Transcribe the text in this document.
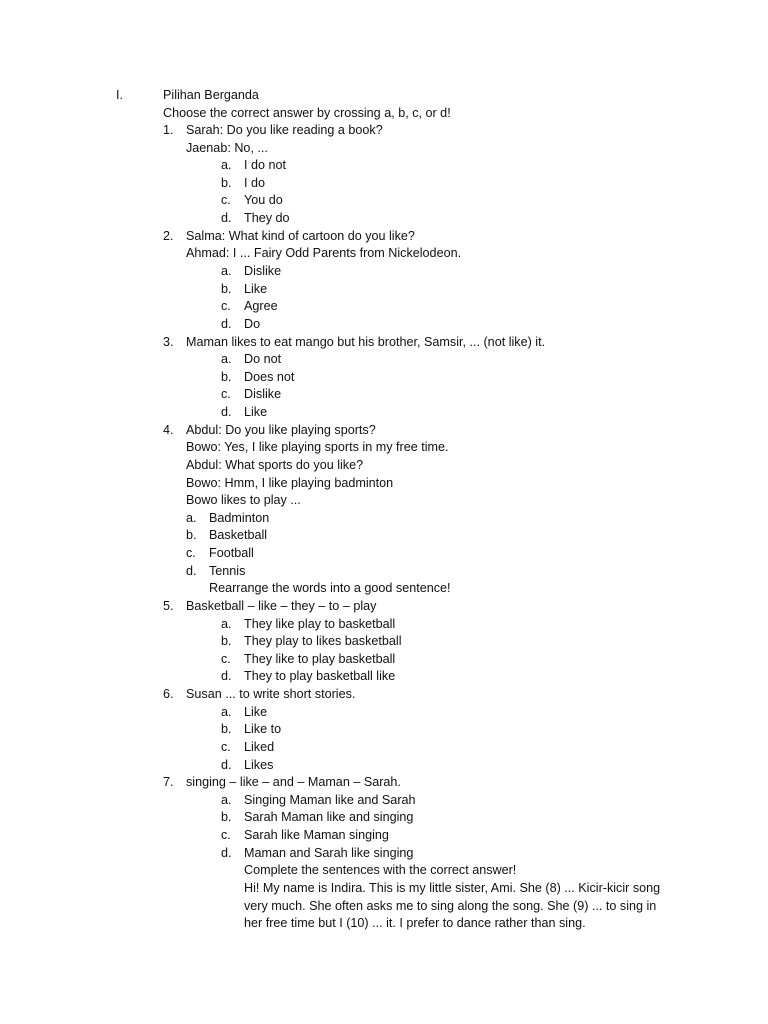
I.	Pilihan Berganda
Choose the correct answer by crossing a, b, c, or d!
1. Sarah: Do you like reading a book?
Jaenab: No, ...
a. I do not
b. I do
c. You do
d. They do
2. Salma: What kind of cartoon do you like?
Ahmad: I ... Fairy Odd Parents from Nickelodeon.
a. Dislike
b. Like
c. Agree
d. Do
3. Maman likes to eat mango but his brother, Samsir, ... (not like) it.
a. Do not
b. Does not
c. Dislike
d. Like
4. Abdul: Do you like playing sports?
Bowo: Yes, I like playing sports in my free time.
Abdul: What sports do you like?
Bowo: Hmm, I like playing badminton
Bowo likes to play ...
a. Badminton
b. Basketball
c. Football
d. Tennis
Rearrange the words into a good sentence!
5. Basketball – like – they – to – play
a. They like play to basketball
b. They play to likes basketball
c. They like to play basketball
d. They to play basketball like
6. Susan ... to write short stories.
a. Like
b. Like to
c. Liked
d. Likes
7. singing – like – and – Maman – Sarah.
a. Singing Maman like and Sarah
b. Sarah Maman like and singing
c. Sarah like Maman singing
d. Maman and Sarah like singing
Complete the sentences with the correct answer!
Hi! My name is Indira. This is my little sister, Ami. She (8) ... Kicir-kicir song
very much. She often asks me to sing along the song. She (9) ... to sing in
her free time but I (10) ... it. I prefer to dance rather than sing.
